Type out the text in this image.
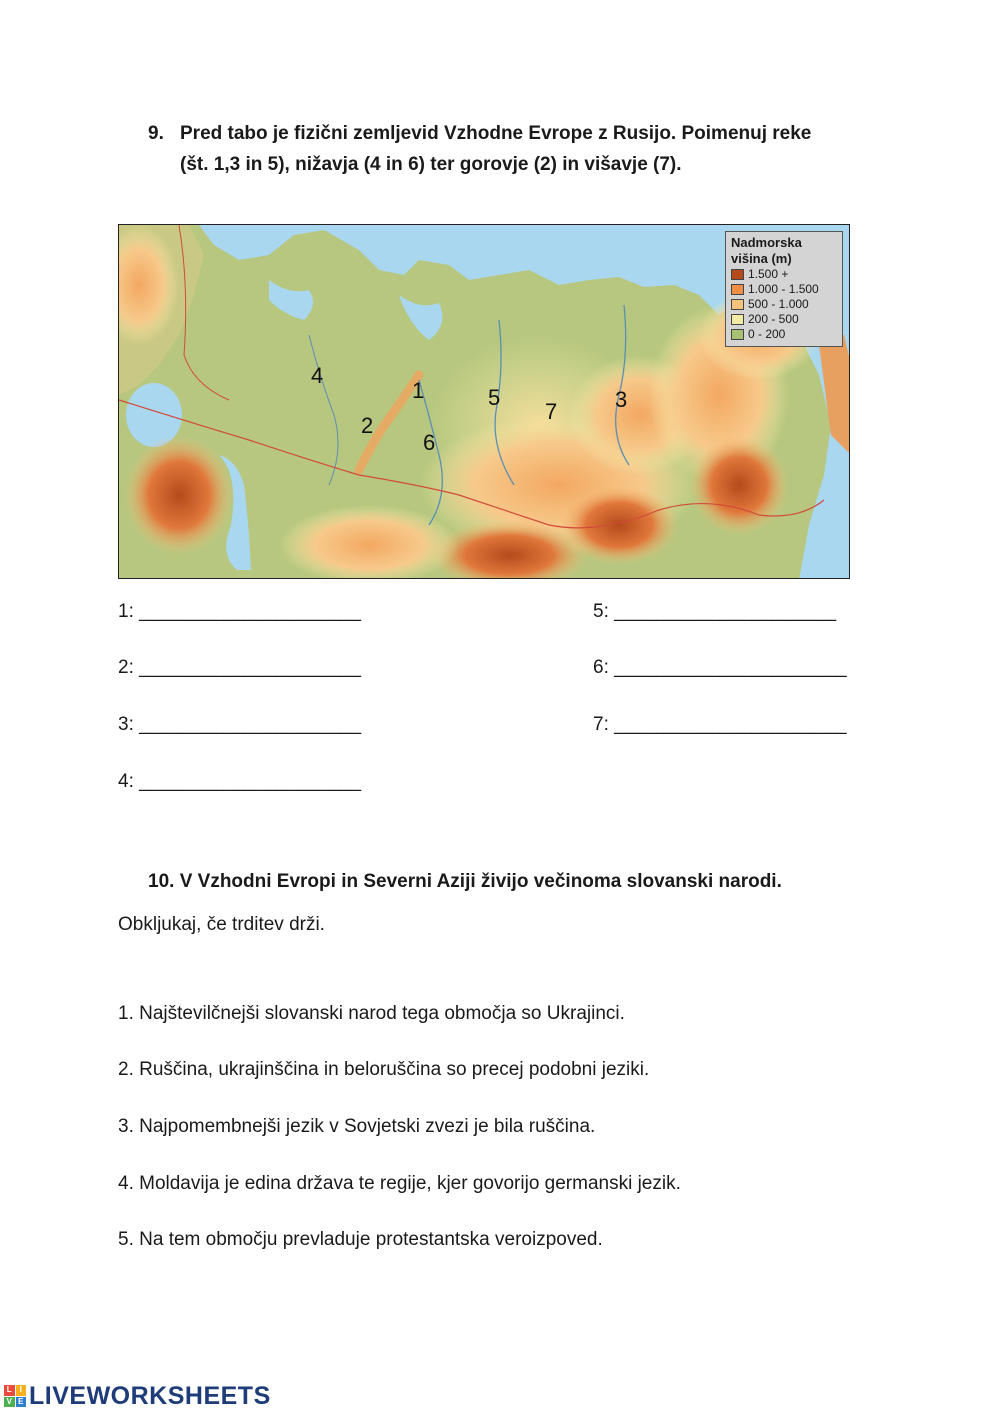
9. Pred tabo je fizični zemljevid Vzhodne Evrope z Rusijo. Poimenuj reke
(št. 1,3 in 5), nižavja (4 in 6) ter gorovje (2) in višavje (7).
Nadmorska
višina (m)
1.500 +
1.000 - 1.500
500 - 1.000
200 - 500
0 - 200
1
2
3
4
5
6
7
1: _____________________
2: _____________________
3: _____________________
4: _____________________
5: _____________________
6: ______________________
7: ______________________
10. V Vzhodni Evropi in Severni Aziji živijo večinoma slovanski narodi.
Obkljukaj, če trditev drži.
1. Najštevilčnejši slovanski narod tega območja so Ukrajinci.
2. Ruščina, ukrajinščina in beloruščina so precej podobni jeziki.
3. Najpomembnejši jezik v Sovjetski zvezi je bila ruščina.
4. Moldavija je edina država te regije, kjer govorijo germanski jezik.
5. Na tem območju prevladuje protestantska veroizpoved.
L I
V E LIVEWORKSHEETS
